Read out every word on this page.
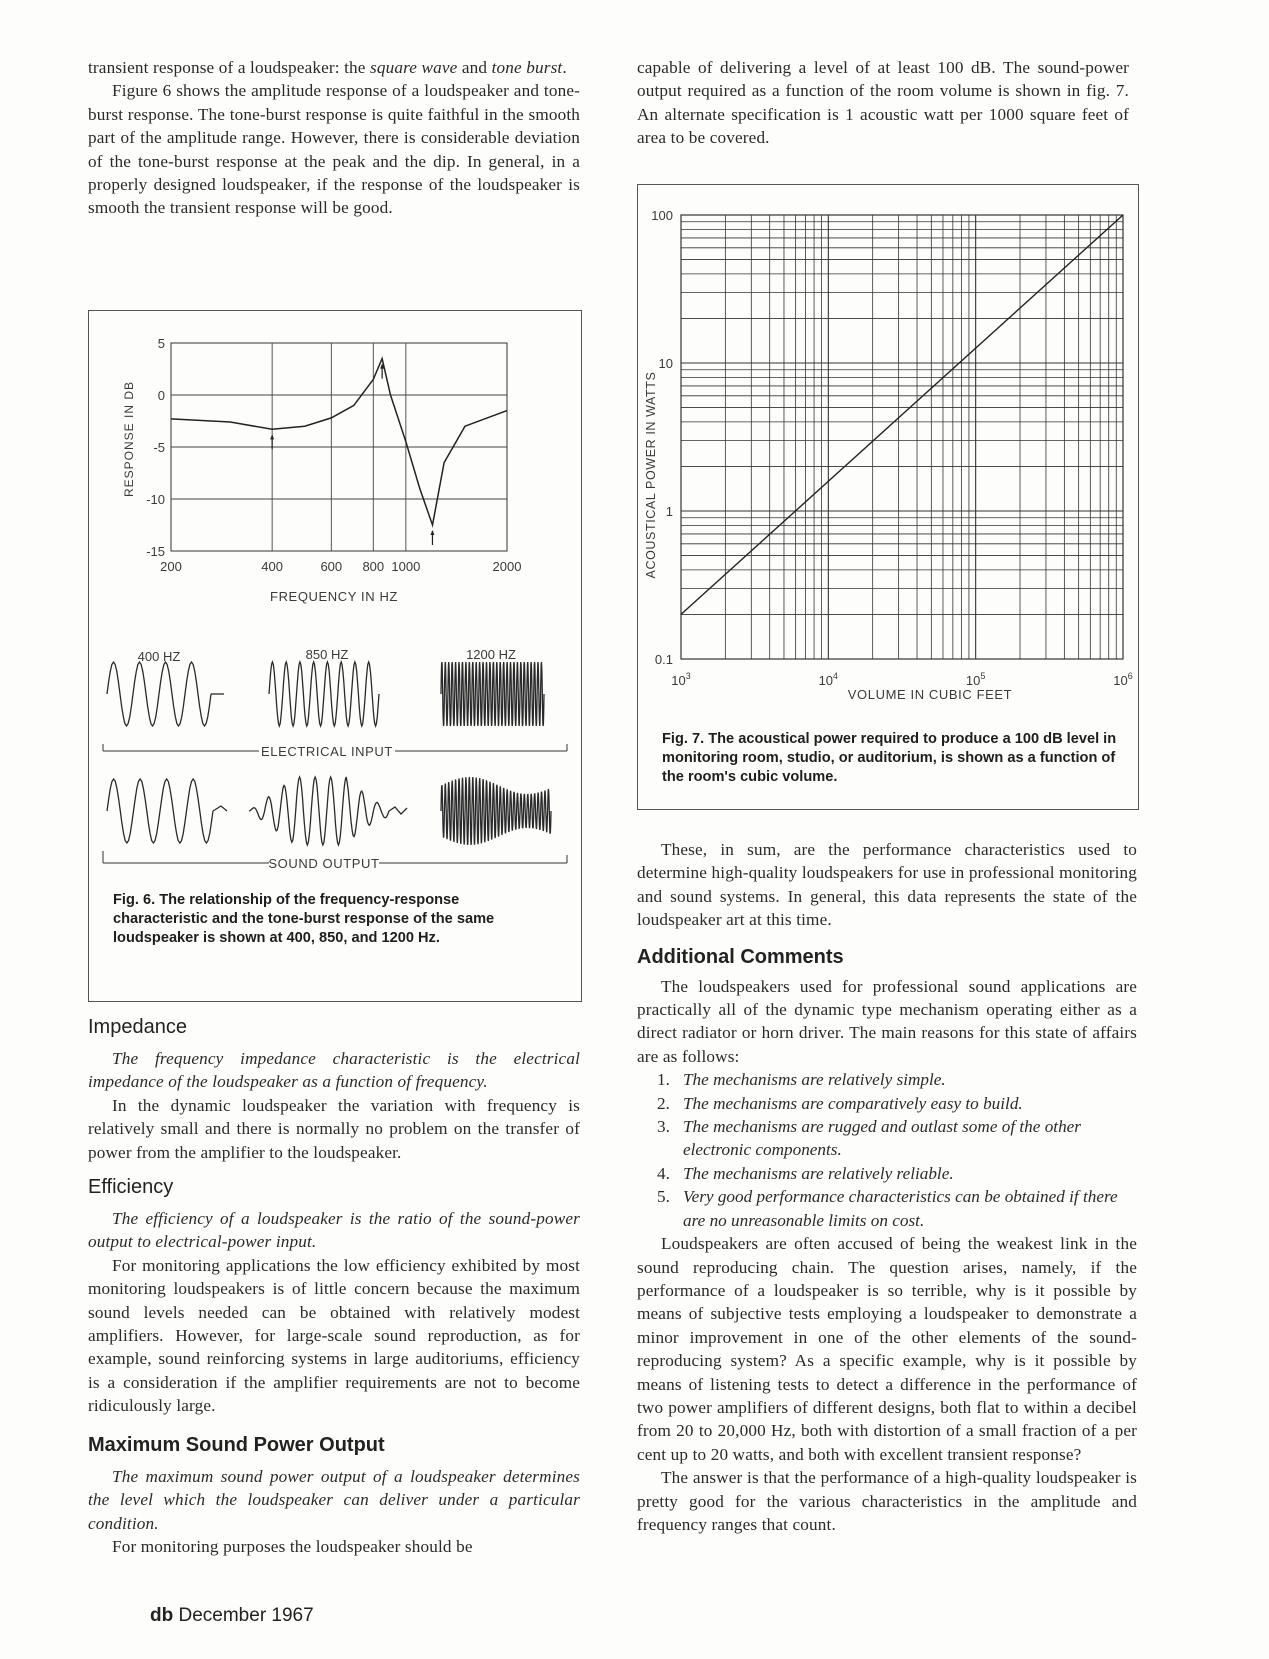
transient response of a loudspeaker: the square wave and tone burst.

Figure 6 shows the amplitude response of a loudspeaker and tone-burst response. The tone-burst response is quite faithful in the smooth part of the amplitude range. However, there is considerable deviation of the tone-burst response at the peak and the dip. In general, in a properly designed loudspeaker, if the response of the loudspeaker is smooth the transient response will be good.

RESPONSE IN DB
5
0
-5
-10
-15
200	400	600 800 1000	2000
FREQUENCY IN HZ
400 HZ	850 HZ	1200 HZ
ELECTRICAL INPUT
SOUND OUTPUT
Fig. 6. The relationship of the frequency-response characteristic and the tone-burst response of the same loudspeaker is shown at 400, 850, and 1200 Hz.
Impedance

The frequency impedance characteristic is the electrical impedance of the loudspeaker as a function of frequency.

In the dynamic loudspeaker the variation with frequency is relatively small and there is normally no problem on the transfer of power from the amplifier to the loudspeaker.

Efficiency

The efficiency of a loudspeaker is the ratio of the sound-power output to electrical-power input.

For monitoring applications the low efficiency exhibited by most monitoring loudspeakers is of little concern because the maximum sound levels needed can be obtained with relatively modest amplifiers. However, for large-scale sound reproduction, as for example, sound reinforcing systems in large auditoriums, efficiency is a consideration if the amplifier requirements are not to become ridiculously large.

Maximum Sound Power Output

The maximum sound power output of a loudspeaker determines the level which the loudspeaker can deliver under a particular condition.

For monitoring purposes the loudspeaker should be

capable of delivering a level of at least 100 dB. The sound-power output required as a function of the room volume is shown in fig. 7. An alternate specification is 1 acoustic watt per 1000 square feet of area to be covered.

ACOUSTICAL POWER IN WATTS
100
10
1
0.1
$10^3$	$10^4$	$10^5$	$10^6$
VOLUME IN CUBIC FEET
Fig. 7. The acoustical power required to produce a 100 dB level in monitoring room, studio, or auditorium, is shown as a function of the room's cubic volume.

These, in sum, are the performance characteristics used to determine high-quality loudspeakers for use in professional monitoring and sound systems. In general, this data represents the state of the loudspeaker art at this time.

Additional Comments

The loudspeakers used for professional sound applications are practically all of the dynamic type mechanism operating either as a direct radiator or horn driver. The main reasons for this state of affairs are as follows:

1. The mechanisms are relatively simple.
2. The mechanisms are comparatively easy to build.
3. The mechanisms are rugged and outlast some of the other electronic components.
4. The mechanisms are relatively reliable.
5. Very good performance characteristics can be obtained if there are no unreasonable limits on cost.

Loudspeakers are often accused of being the weakest link in the sound reproducing chain. The question arises, namely, if the performance of a loudspeaker is so terrible, why is it possible by means of subjective tests employing a loudspeaker to demonstrate a minor improvement in one of the other elements of the sound-reproducing system? As a specific example, why is it possible by means of listening tests to detect a difference in the performance of two power amplifiers of different designs, both flat to within a decibel from 20 to 20,000 Hz, both with distortion of a small fraction of a per cent up to 20 watts, and both with excellent transient response?

The answer is that the performance of a high-quality loudspeaker is pretty good for the various characteristics in the amplitude and frequency ranges that count.

db December 1967
